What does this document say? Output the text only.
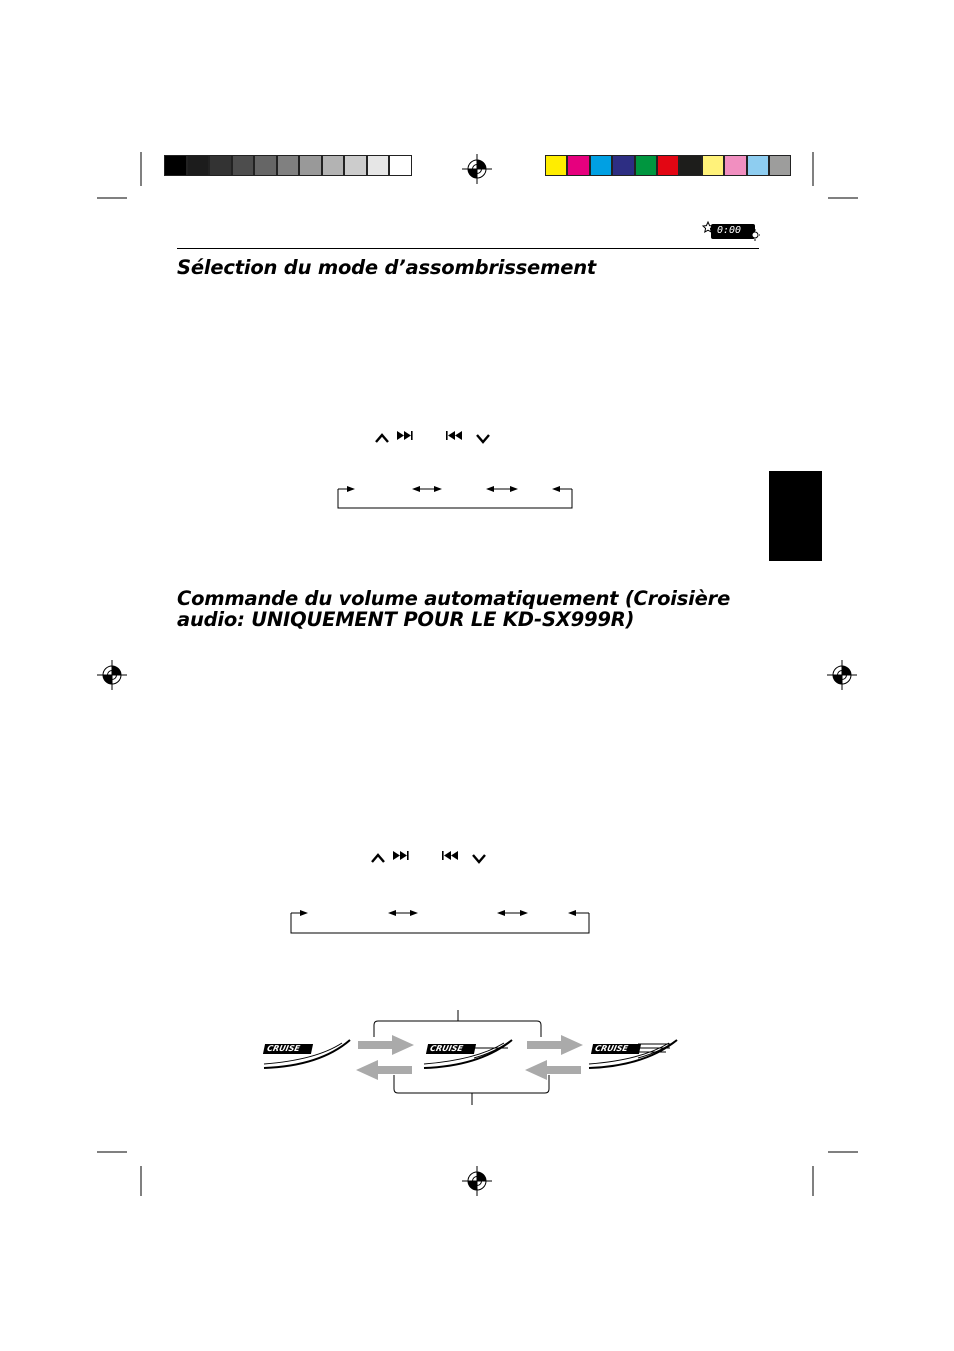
0:00
Sélection du mode d’assombrissement
Commande du volume automatiquement (Croisière
audio: UNIQUEMENT POUR LE KD-SX999R)
CRUISE	CRUISE	CRUISE
